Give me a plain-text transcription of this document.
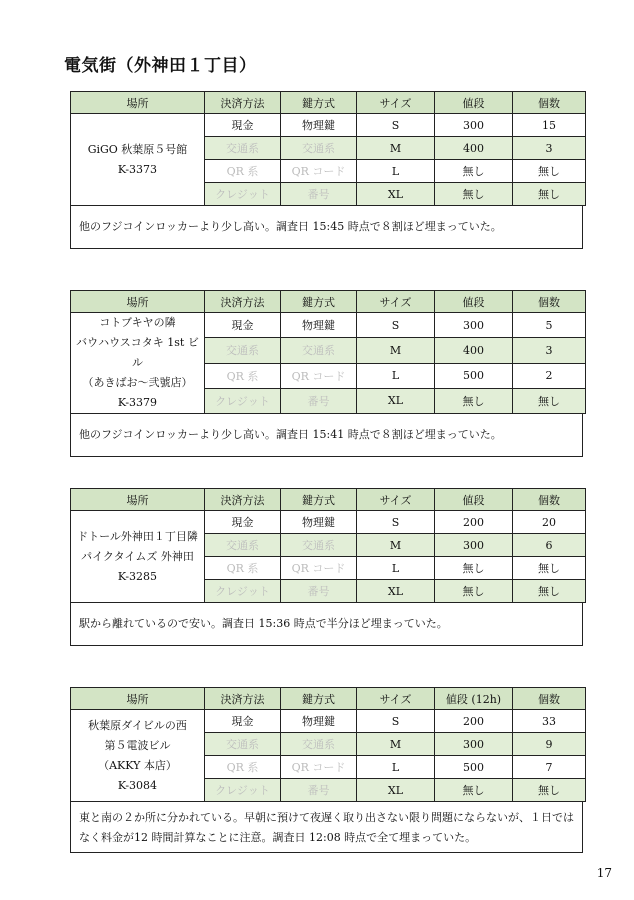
電気街（外神田１丁目）
場所	決済方法	鍵方式	サイズ	値段	個数

GiGO 秋葉原５号館
K-3373	現金	物理鍵	S	300	15
	交通系	交通系	M	400	3
	QR 系	QR コード	L	無し	無し
	クレジット	番号	XL	無し	無し
他のフジコインロッカーより少し高い。調査日 15:45 時点で８割ほど埋まっていた。
場所	決済方法	鍵方式	サイズ	値段	個数

コトブキヤの隣
バウハウスコタキ 1st ビル
（あきばお～弐號店）
K-3379	現金	物理鍵	S	300	5
	交通系	交通系	M	400	3
	QR 系	QR コード	L	500	2
	クレジット	番号	XL	無し	無し
他のフジコインロッカーより少し高い。調査日 15:41 時点で８割ほど埋まっていた。
場所	決済方法	鍵方式	サイズ	値段	個数

ドトール外神田１丁目隣
パイクタイムズ 外神田
K-3285	現金	物理鍵	S	200	20
	交通系	交通系	M	300	6
	QR 系	QR コード	L	無し	無し
	クレジット	番号	XL	無し	無し
駅から離れているので安い。調査日 15:36 時点で半分ほど埋まっていた。
場所	決済方法	鍵方式	サイズ	値段 (12h)	個数

秋葉原ダイビルの西
第５電波ビル
（AKKY 本店）
K-3084	現金	物理鍵	S	200	33
	交通系	交通系	M	300	9
	QR 系	QR コード	L	500	7
	クレジット	番号	XL	無し	無し
東と南の２か所に分かれている。早朝に預けて夜遅く取り出さない限り問題にならないが、１日ではなく料金が12 時間計算なことに注意。調査日 12:08 時点で全て埋まっていた。
17
